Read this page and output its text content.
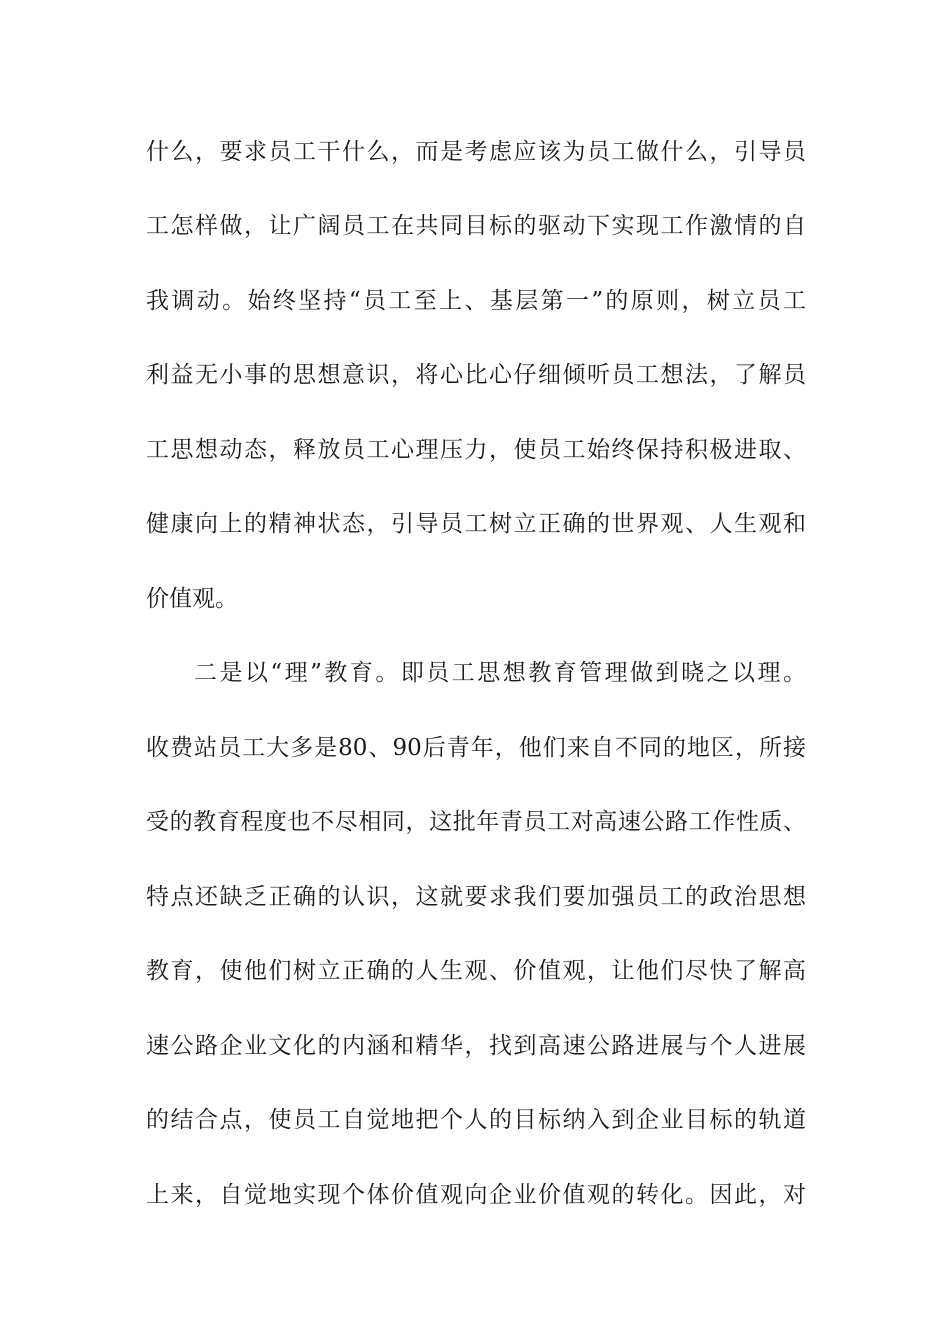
什么，要求员工干什么，而是考虑应该为员工做什么，引导员
工怎样做，让广阔员工在共同目标的驱动下实现工作激情的自
我调动。始终坚持“员工至上、基层第一”的原则，树立员工
利益无小事的思想意识，将心比心仔细倾听员工想法，了解员
工思想动态，释放员工心理压力，使员工始终保持积极进取、
健康向上的精神状态，引导员工树立正确的世界观、人生观和
价值观。
二是以“理”教育。即员工思想教育管理做到晓之以理。
收费站员工大多是80、90后青年，他们来自不同的地区，所接
受的教育程度也不尽相同，这批年青员工对高速公路工作性质、
特点还缺乏正确的认识，这就要求我们要加强员工的政治思想
教育，使他们树立正确的人生观、价值观，让他们尽快了解高
速公路企业文化的内涵和精华，找到高速公路进展与个人进展
的结合点，使员工自觉地把个人的目标纳入到企业目标的轨道
上来，自觉地实现个体价值观向企业价值观的转化。因此，对
